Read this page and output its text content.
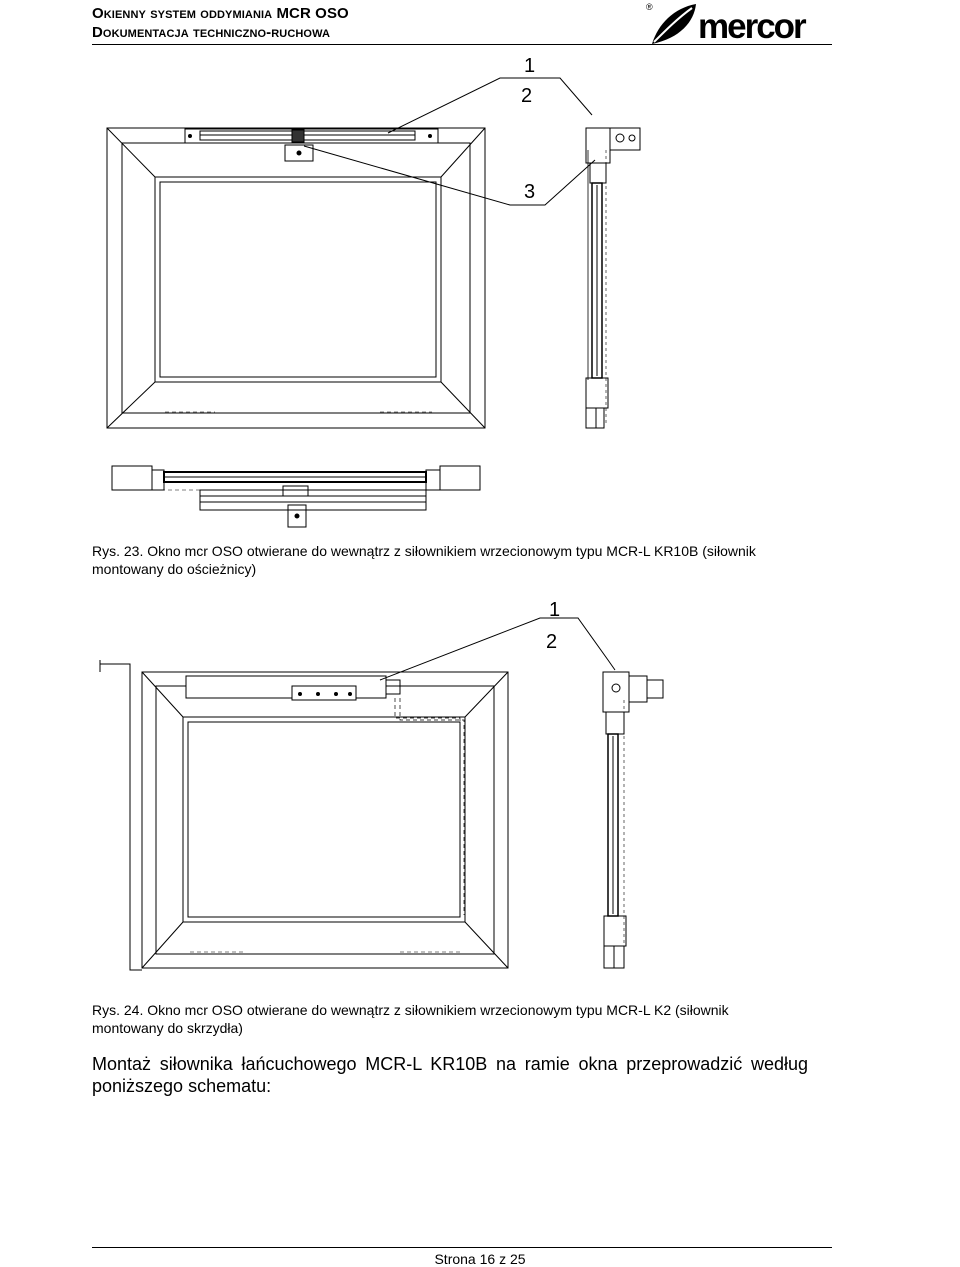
Okienny system oddymiania MCR OSO
Dokumentacja techniczno-ruchowa
® mercor
Rys. 23. Okno mcr OSO otwierane do wewnątrz z siłownikiem wrzecionowym typu MCR-L KR10B (siłownik
montowany do ościeżnicy)
1
2
3
1
2
Rys. 24. Okno mcr OSO otwierane do wewnątrz z siłownikiem wrzecionowym typu MCR-L K2 (siłownik
montowany do skrzydła)
Montaż siłownika łańcuchowego MCR-L KR10B na ramie okna przeprowadzić według poniższego schematu:
Strona 16 z 25
